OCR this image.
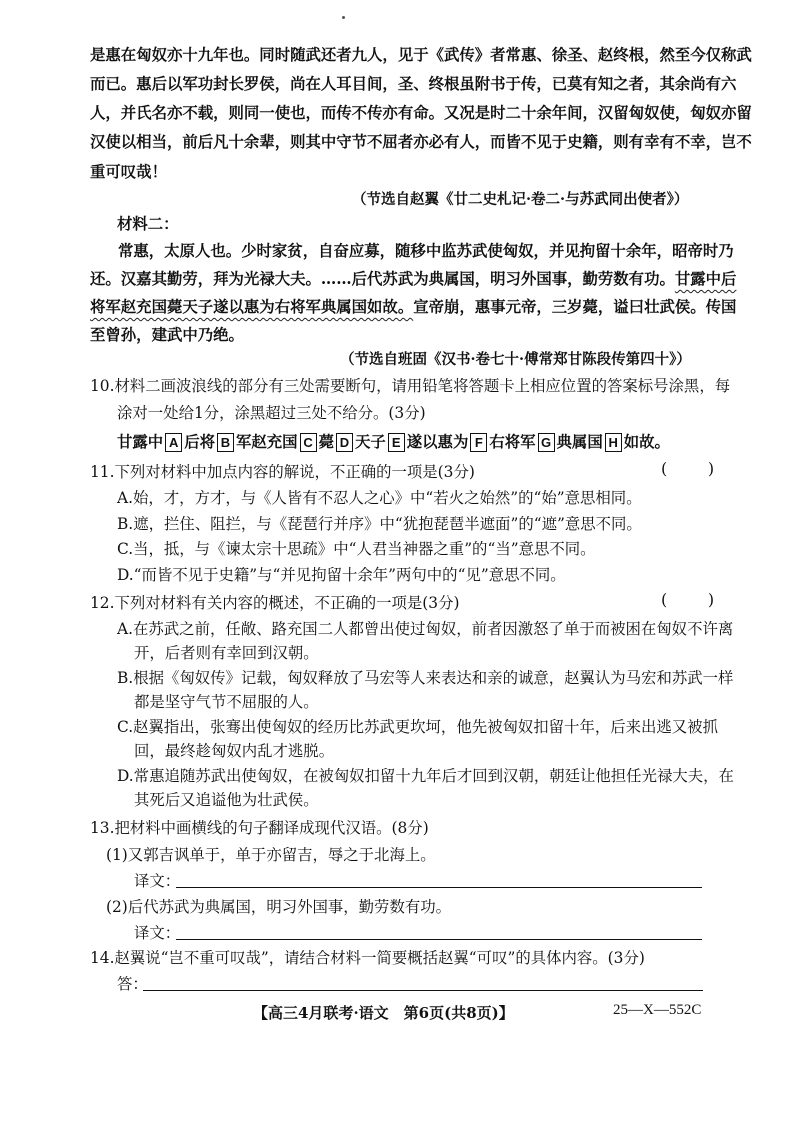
是惠在匈奴亦十九年也。同时随武还者九人，见于《武传》者常惠、徐圣、赵终根，然至今仅称武
而已。惠后以军功封长罗侯，尚在人耳目间，圣、终根虽附书于传，已莫有知之者，其余尚有六
人，并氏名亦不载，则同一使也，而传不传亦有命。又况是时二十余年间，汉留匈奴使，匈奴亦留
汉使以相当，前后凡十余辈，则其中守节不屈者亦必有人，而皆不见于史籍，则有幸有不幸，岂不
重可叹哉！
（节选自赵翼《廿二史札记·卷二·与苏武同出使者》）
材料二：
常惠，太原人也。少时家贫，自奋应募，随移中监苏武使匈奴，并见拘留十余年，昭帝时乃
还。汉嘉其勤劳，拜为光禄大夫。……后代苏武为典属国，明习外国事，勤劳数有功。甘露中后
将军赵充国薨天子遂以惠为右将军典属国如故。宣帝崩，惠事元帝，三岁薨，谥曰壮武侯。传国
至曾孙，建武中乃绝。
（节选自班固《汉书·卷七十·傅常郑甘陈段传第四十》）
10.材料二画波浪线的部分有三处需要断句，请用铅笔将答题卡上相应位置的答案标号涂黑，每
涂对一处给1分，涂黑超过三处不给分。(3分)
甘露中 A 后将 B 军赵充国 C 薨 D 天子 E 遂以惠为 F 右将军 G 典属国 H 如故。
11.下列对材料中加点内容的解说，不正确的一项是(3分)	(        )
A.始，才，方才，与《人皆有不忍人之心》中“若火之始然”的“始”意思相同。
B.遮，拦住、阻拦，与《琵琶行并序》中“犹抱琵琶半遮面”的“遮”意思不同。
C.当，抵，与《谏太宗十思疏》中“人君当神器之重”的“当”意思不同。
D.“而皆不见于史籍”与“并见拘留十余年”两句中的“见”意思不同。
12.下列对材料有关内容的概述，不正确的一项是(3分)	(        )
A.在苏武之前，任敞、路充国二人都曾出使过匈奴，前者因激怒了单于而被困在匈奴不许离
开，后者则有幸回到汉朝。
B.根据《匈奴传》记载，匈奴释放了马宏等人来表达和亲的诚意，赵翼认为马宏和苏武一样
都是坚守气节不屈服的人。
C.赵翼指出，张骞出使匈奴的经历比苏武更坎坷，他先被匈奴扣留十年，后来出逃又被抓
回，最终趁匈奴内乱才逃脱。
D.常惠追随苏武出使匈奴，在被匈奴扣留十九年后才回到汉朝，朝廷让他担任光禄大夫，在
其死后又追谥他为壮武侯。
13.把材料中画横线的句子翻译成现代汉语。(8分)
(1)又郭吉讽单于，单于亦留吉，辱之于北海上。
译文：
(2)后代苏武为典属国，明习外国事，勤劳数有功。
译文：
14.赵翼说“岂不重可叹哉”，请结合材料一简要概括赵翼“可叹”的具体内容。(3分)
答：
【高三4月联考·语文　第6页(共8页)】	25—X—552C
